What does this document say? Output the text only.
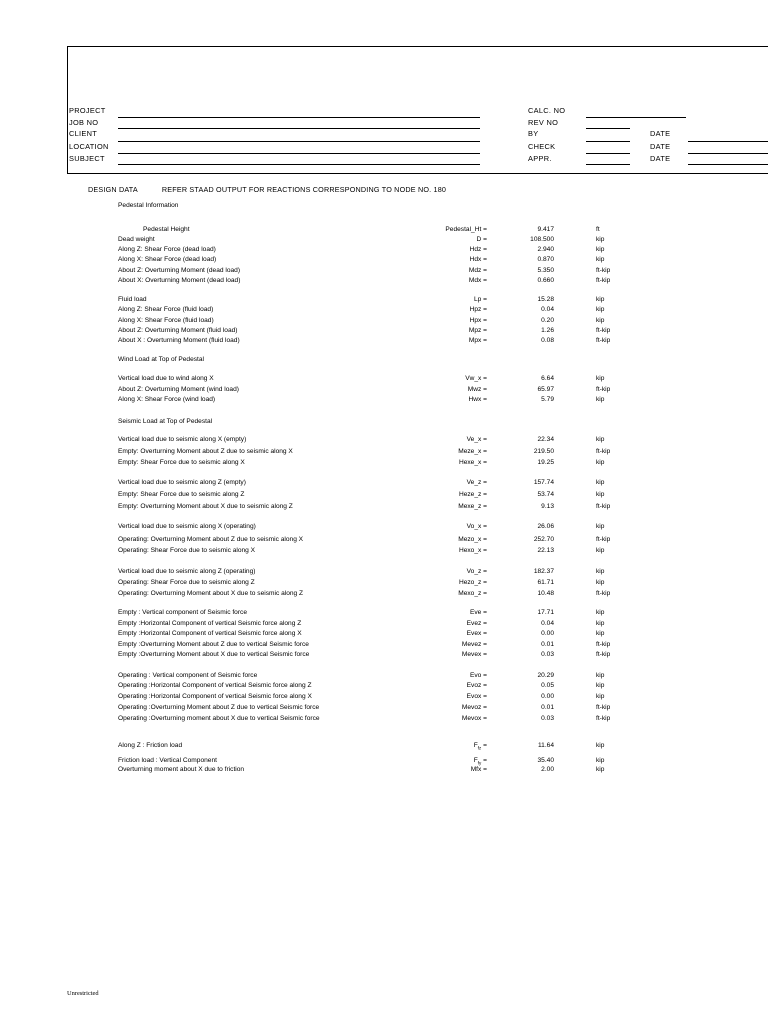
PROJECT
JOB NO
CLIENT
LOCATION
SUBJECT
CALC. NO
REV NO
BY
CHECK
APPR.
DATE
DATE
DATE
DESIGN DATA	REFER STAAD OUTPUT FOR REACTIONS CORRESPONDING TO NODE NO. 180
Pedestal Information
Wind Load at Top of Pedestal
Seismic Load at Top of Pedestal
Pedestal Height	Pedestal_Ht =	9.417	ft
Dead weight	D =	108.500	kip
Along Z: Shear Force (dead load)	Hdz =	2.940	kip
Along X: Shear Force (dead load)	Hdx =	0.870	kip
About Z: Overturning Moment (dead load)	Mdz =	5.350	ft-kip
About X: Overturning Moment (dead load)	Mdx =	0.660	ft-kip
Fluid load	Lp =	15.28	kip
Along Z: Shear Force (fluid load)	Hpz =	0.04	kip
Along X: Shear Force (fluid load)	Hpx =	0.20	kip
About Z: Overturning Moment (fluid load)	Mpz =	1.26	ft-kip
About X : Overturning Moment (fluid load)	Mpx =	0.08	ft-kip
Vertical load due to wind along X	Vw_x =	6.64	kip
About Z: Overturning Moment (wind load)	Mwz =	65.97	ft-kip
Along X: Shear Force (wind load)	Hwx =	5.79	kip
Vertical load due to seismic along X (empty)	Ve_x =	22.34	kip
Empty: Overturning Moment about Z due to seismic along X	Meze_x =	219.50	ft-kip
Empty: Shear Force due to seismic along X	Hexe_x =	19.25	kip
Vertical load due to seismic along Z (empty)	Ve_z =	157.74	kip
Empty: Shear Force due to seismic along Z	Heze_z =	53.74	kip
Empty: Overturning Moment about X due to seismic along Z	Mexe_z =	9.13	ft-kip
Vertical load due to seismic along X (operating)	Vo_x =	26.06	kip
Operating: Overturning Moment about Z due to seismic along X	Mezo_x =	252.70	ft-kip
Operating: Shear Force due to seismic along X	Hexo_x =	22.13	kip
Vertical load due to seismic along Z (operating)	Vo_z =	182.37	kip
Operating: Shear Force due to seismic along Z	Hezo_z =	61.71	kip
Operating: Overturning Moment about X due to seismic along Z	Mexo_z =	10.48	ft-kip
Empty : Vertical component of Seismic force	Eve =	17.71	kip
Empty :Horizontal Component of vertical Seismic force along Z	Evez =	0.04	kip
Empty :Horizontal Component of vertical Seismic force along X	Evex =	0.00	kip
Empty :Overturning Moment about Z due to vertical Seismic force	Mevez =	0.01	ft-kip
Empty :Overturning Moment about X due to vertical Seismic force	Mevex =	0.03	ft-kip
Operating : Vertical component of Seismic force	Evo =	20.29	kip
Operating :Horizontal Component of vertical Seismic force along Z	Evoz =	0.05	kip
Operating :Horizontal Component of vertical Seismic force along X	Evox =	0.00	kip
Operating :Overturning Moment about Z due to vertical Seismic force	Mevoz =	0.01	ft-kip
Operating :Overturning moment about X due to vertical Seismic force	Mevox =	0.03	ft-kip
Along Z : Friction load	$F_{fz}$ =	11.64	kip
Friction load : Vertical Component	$F_{fy}$ =	35.40	kip
Overturning moment about X due to friction	Mfx =	2.00	kip
Unrestricted
